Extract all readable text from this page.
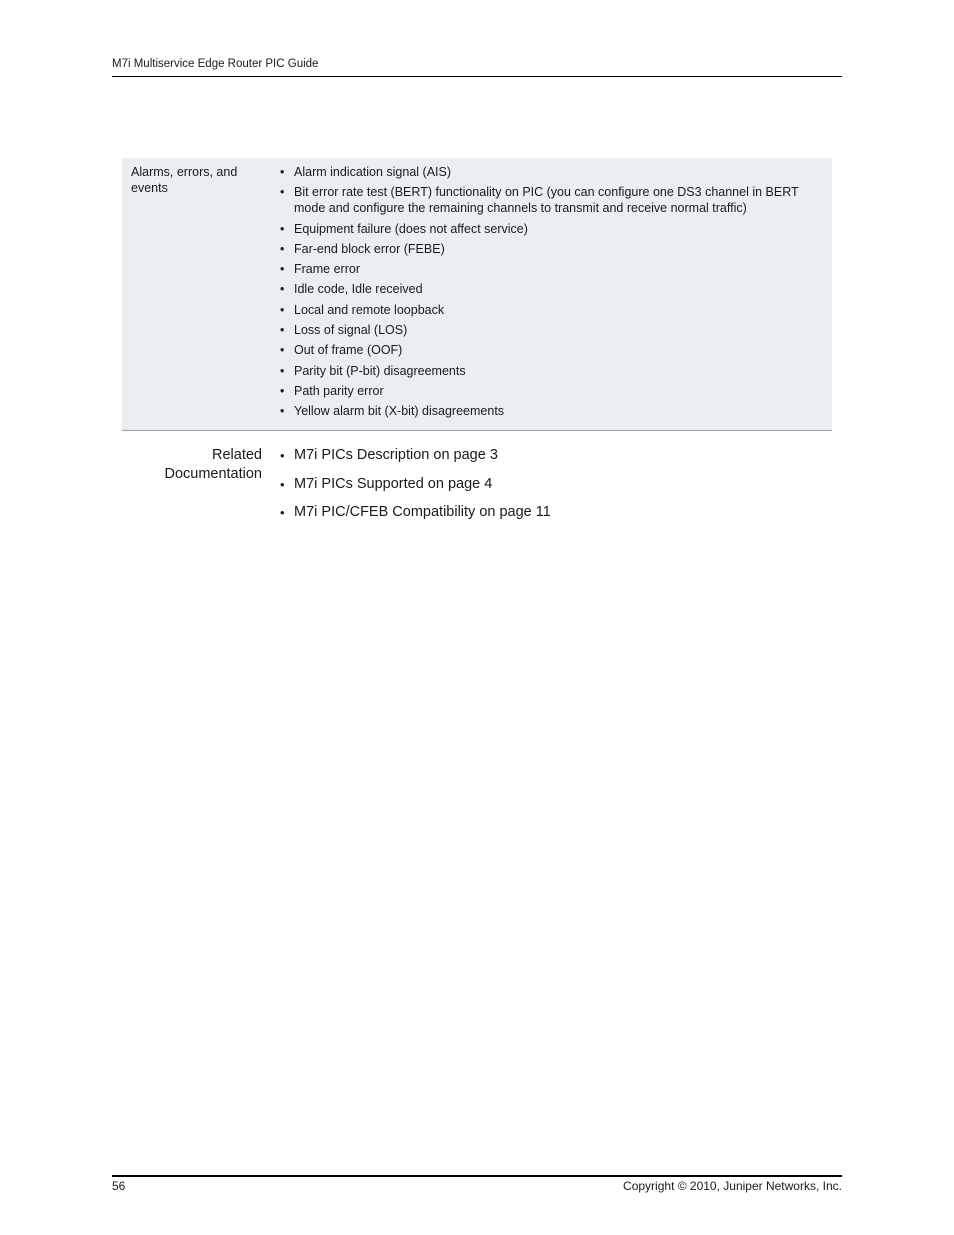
M7i Multiservice Edge Router PIC Guide
Alarms, errors, and events
• Alarm indication signal (AIS)
• Bit error rate test (BERT) functionality on PIC (you can configure one DS3 channel in BERT mode and configure the remaining channels to transmit and receive normal traffic)
• Equipment failure (does not affect service)
• Far-end block error (FEBE)
• Frame error
• Idle code, Idle received
• Local and remote loopback
• Loss of signal (LOS)
• Out of frame (OOF)
• Parity bit (P-bit) disagreements
• Path parity error
• Yellow alarm bit (X-bit) disagreements
Related
Documentation
• M7i PICs Description on page 3
• M7i PICs Supported on page 4
• M7i PIC/CFEB Compatibility on page 11
56	Copyright © 2010, Juniper Networks, Inc.
